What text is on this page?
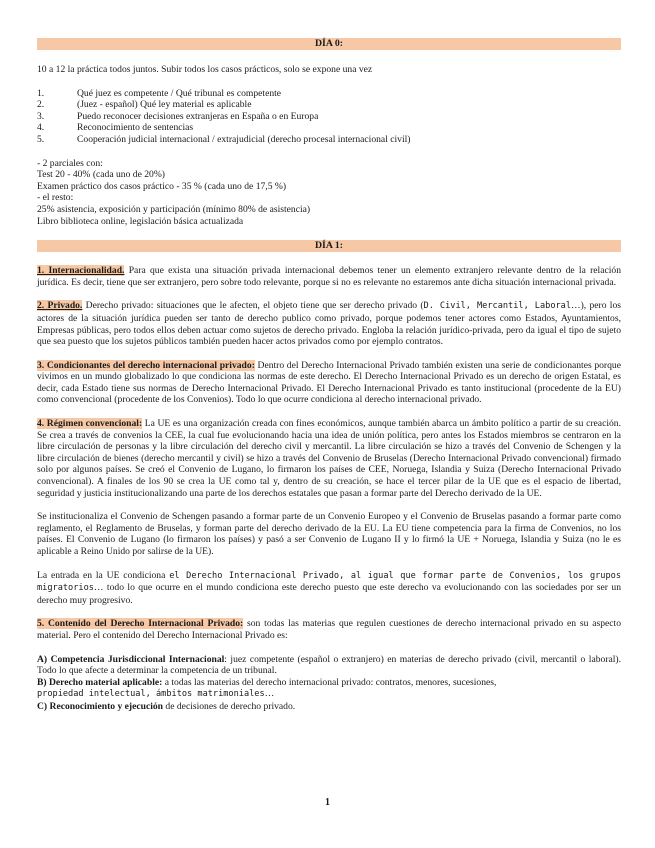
DÍA 0:

10 a 12 la práctica todos juntos. Subir todos los casos prácticos, solo se expone una vez

1.	Qué juez es competente / Qué tribunal es competente
2.	(Juez - español) Qué ley material es aplicable
3.	Puedo reconocer decisiones extranjeras en España o en Europa
4.	Reconocimiento de sentencias
5.	Cooperación judicial internacional / extrajudicial (derecho procesal internacional civil)

- 2 parciales con:

Test 20 - 40% (cada uno de 20%)

Examen práctico dos casos práctico - 35 % (cada uno de 17,5 %)

- el resto:

25% asistencia, exposición y participación (mínimo 80% de asistencia)

Libro biblioteca online, legislación básica actualizada

DÍA 1:

1. Internacionalidad. Para que exista una situación privada internacional debemos tener un elemento extranjero relevante dentro de la relación jurídica. Es decir, tiene que ser extranjero, pero sobre todo relevante, porque si no es relevante no estaremos ante dicha situación internacional privada.

2. Privado. Derecho privado: situaciones que le afecten, el objeto tiene que ser derecho privado (D. Civil, Mercantil, Laboral…), pero los actores de la situación jurídica pueden ser tanto de derecho publico como privado, porque podemos tener actores como Estados, Ayuntamientos, Empresas públicas, pero todos ellos deben actuar como sujetos de derecho privado. Engloba la relación jurídico-privada, pero da igual el tipo de sujeto que sea puesto que los sujetos públicos también pueden hacer actos privados como por ejemplo contratos.

3. Condicionantes del derecho internacional privado: Dentro del Derecho Internacional Privado también existen una serie de condicionantes porque vivimos en un mundo globalizado lo que condiciona las normas de este derecho. El Derecho Internacional Privado es un derecho de origen Estatal, es decir, cada Estado tiene sus normas de Derecho Internacional Privado. El Derecho Internacional Privado es tanto institucional (procedente de la EU) como convencional (procedente de los Convenios). Todo lo que ocurre condiciona al derecho internacional privado.

4. Régimen convencional: La UE es una organización creada con fines económicos, aunque también abarca un ámbito político a partir de su creación. Se crea a través de convenios la CEE, la cual fue evolucionando hacia una idea de unión política, pero antes los Estados miembros se centraron en la libre circulación de personas y la libre circulación del derecho civil y mercantil. La libre circulación se hizo a través del Convenio de Schengen y la libre circulación de bienes (derecho mercantil y civil) se hizo a través del Convenio de Bruselas (Derecho Internacional Privado convencional) firmado solo por algunos países. Se creó el Convenio de Lugano, lo firmaron los países de CEE, Noruega, Islandia y Suiza (Derecho Internacional Privado convencional). A finales de los 90 se crea la UE como tal y, dentro de su creación, se hace el tercer pilar de la UE que es el espacio de libertad, seguridad y justicia institucionalizando una parte de los derechos estatales que pasan a formar parte del Derecho derivado de la UE.

Se institucionaliza el Convenio de Schengen pasando a formar parte de un Convenio Europeo y el Convenio de Bruselas pasando a formar parte como reglamento, el Reglamento de Bruselas, y forman parte del derecho derivado de la EU. La EU tiene competencia para la firma de Convenios, no los países. El Convenio de Lugano (lo firmaron los países) y pasó a ser Convenio de Lugano II y lo firmó la UE + Noruega, Islandia y Suiza (no le es aplicable a Reino Unido por salirse de la UE).

La entrada en la UE condiciona el Derecho Internacional Privado, al igual que formar parte de Convenios, los grupos migratorios… todo lo que ocurre en el mundo condiciona este derecho puesto que este derecho va evolucionando con las sociedades por ser un derecho muy progresivo.

5. Contenido del Derecho Internacional Privado: son todas las materias que regulen cuestiones de derecho internacional privado en su aspecto material. Pero el contenido del Derecho Internacional Privado es:

A) Competencia Jurisdiccional Internacional: juez competente (español o extranjero) en materias de derecho privado (civil, mercantil o laboral). Todo lo que afecte a determinar la competencia de un tribunal.

B) Derecho material aplicable: a todas las materias del derecho internacional privado: contratos, menores, sucesiones,
propiedad intelectual, ámbitos matrimoniales…

C) Reconocimiento y ejecución de decisiones de derecho privado.

1
